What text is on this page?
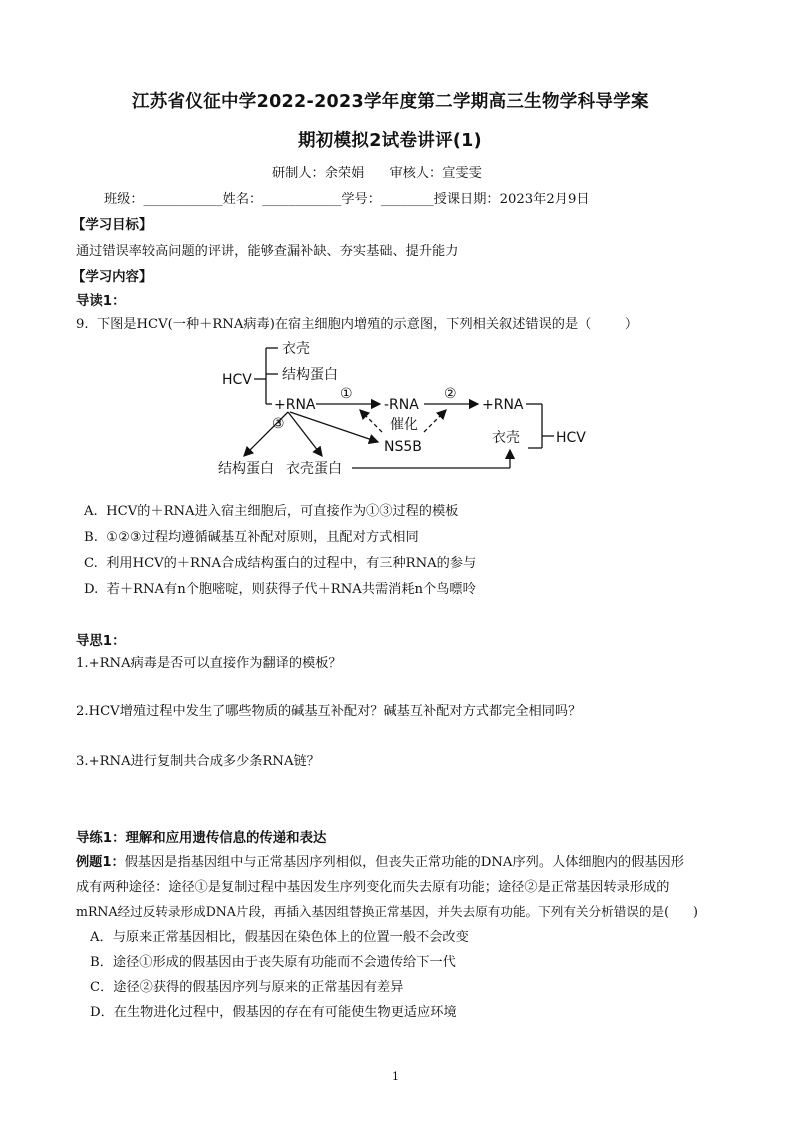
江苏省仪征中学2022-2023学年度第二学期高三生物学科导学案
期初模拟2试卷讲评(1)
研制人：余荣娟      审核人：宣雯雯
班级：____________姓名：____________学号：________授课日期：2023年2月9日
【学习目标】
通过错误率较高问题的评讲，能够查漏补缺、夯实基础、提升能力
【学习内容】
导读1：
9.  下图是HCV(一种＋RNA病毒)在宿主细胞内增殖的示意图，下列相关叙述错误的是（        ）
HCV
衣壳
结构蛋白
+RNA
①
-RNA
②
+RNA
③
NS5B
催化
HCV
衣壳
结构蛋白 衣壳蛋白
A.  HCV的＋RNA进入宿主细胞后，可直接作为①③过程的模板
B.  ①②③过程均遵循碱基互补配对原则，且配对方式相同
C.  利用HCV的＋RNA合成结构蛋白的过程中，有三种RNA的参与
D.  若＋RNA有n个胞嘧啶，则获得子代＋RNA共需消耗n个鸟嘌呤
导思1：
1.+RNA病毒是否可以直接作为翻译的模板？
2.HCV增殖过程中发生了哪些物质的碱基互补配对？碱基互补配对方式都完全相同吗？
3.+RNA进行复制共合成多少条RNA链？
导练1：理解和应用遗传信息的传递和表达
例题1：假基因是指基因组中与正常基因序列相似，但丧失正常功能的DNA序列。人体细胞内的假基因形
成有两种途径：途径①是复制过程中基因发生序列变化而失去原有功能；途径②是正常基因转录形成的
mRNA经过反转录形成DNA片段，再插入基因组替换正常基因，并失去原有功能。下列有关分析错误的是(      )
A．与原来正常基因相比，假基因在染色体上的位置一般不会改变
B．途径①形成的假基因由于丧失原有功能而不会遗传给下一代
C．途径②获得的假基因序列与原来的正常基因有差异
D．在生物进化过程中，假基因的存在有可能使生物更适应环境
1
